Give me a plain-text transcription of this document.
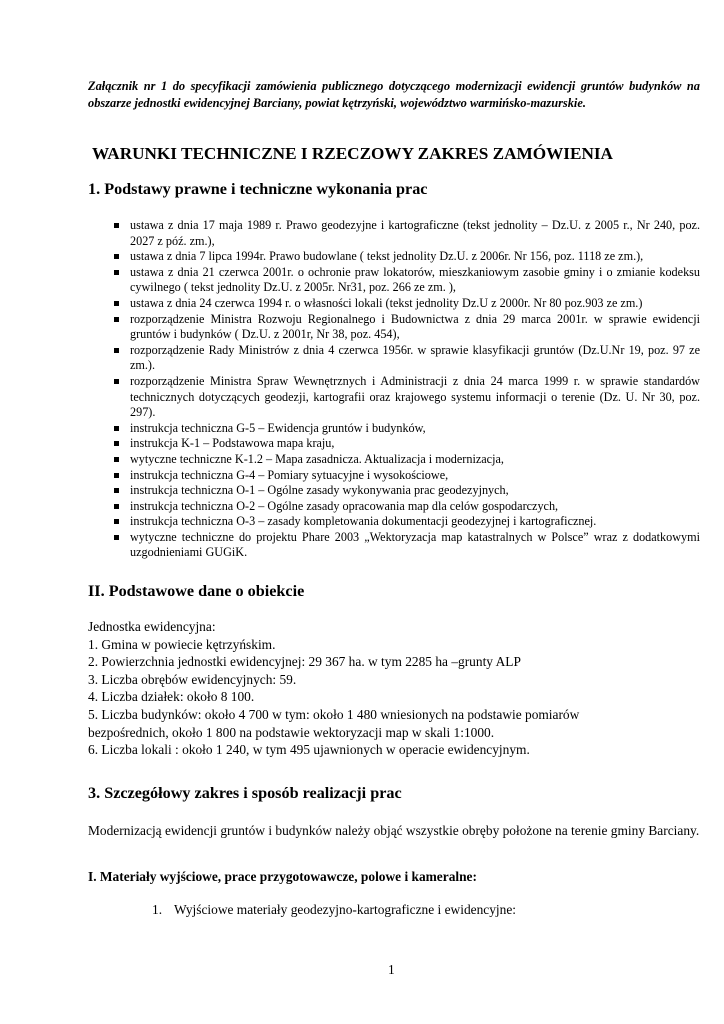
Załącznik nr 1 do specyfikacji zamówienia publicznego dotyczącego modernizacji ewidencji gruntów budynków na obszarze jednostki ewidencyjnej Barciany, powiat kętrzyński, województwo warmińsko-mazurskie.
WARUNKI TECHNICZNE I RZECZOWY ZAKRES ZAMÓWIENIA
1. Podstawy prawne i techniczne wykonania prac
ustawa z dnia 17 maja 1989 r. Prawo geodezyjne i kartograficzne (tekst jednolity – Dz.U. z 2005 r., Nr 240, poz. 2027 z póź. zm.),
ustawa z dnia 7 lipca 1994r. Prawo budowlane ( tekst jednolity Dz.U. z 2006r. Nr 156, poz. 1118 ze zm.),
ustawa z dnia 21 czerwca 2001r. o ochronie praw lokatorów, mieszkaniowym zasobie gminy i o zmianie kodeksu cywilnego ( tekst jednolity Dz.U. z 2005r. Nr31, poz. 266 ze zm. ),
ustawa z dnia 24 czerwca 1994 r. o własności lokali (tekst jednolity Dz.U z 2000r. Nr 80 poz.903 ze zm.)
rozporządzenie Ministra Rozwoju Regionalnego i Budownictwa z dnia 29 marca 2001r. w sprawie ewidencji gruntów i budynków ( Dz.U. z 2001r, Nr 38, poz. 454),
rozporządzenie Rady Ministrów z dnia 4 czerwca 1956r. w sprawie klasyfikacji gruntów (Dz.U.Nr 19, poz. 97 ze zm.).
rozporządzenie Ministra Spraw Wewnętrznych i Administracji z dnia 24 marca 1999 r. w sprawie standardów technicznych dotyczących geodezji, kartografii oraz krajowego systemu informacji o terenie (Dz. U. Nr 30, poz. 297).
instrukcja techniczna G-5 – Ewidencja gruntów i budynków,
instrukcja K-1 – Podstawowa mapa kraju,
wytyczne techniczne K-1.2 – Mapa zasadnicza. Aktualizacja i modernizacja,
instrukcja techniczna G-4 – Pomiary sytuacyjne i wysokościowe,
instrukcja techniczna O-1 – Ogólne zasady wykonywania prac geodezyjnych,
instrukcja techniczna O-2 – Ogólne zasady opracowania map dla celów gospodarczych,
instrukcja techniczna O-3 – zasady kompletowania dokumentacji geodezyjnej i kartograficznej.
wytyczne techniczne do projektu Phare 2003 „Wektoryzacja map katastralnych w Polsce” wraz z dodatkowymi uzgodnieniami GUGiK.
II. Podstawowe dane o obiekcie
Jednostka ewidencyjna:
1. Gmina w powiecie kętrzyńskim.
2. Powierzchnia jednostki ewidencyjnej: 29 367 ha. w tym 2285 ha –grunty ALP
3. Liczba obrębów ewidencyjnych: 59.
4. Liczba działek: około 8 100.
5. Liczba budynków: około 4 700 w tym: około 1 480 wniesionych na podstawie pomiarów
bezpośrednich, około 1 800 na podstawie wektoryzacji map w skali 1:1000.
6. Liczba lokali : około 1 240, w tym 495 ujawnionych w operacie ewidencyjnym.
3. Szczegółowy zakres i sposób realizacji prac
Modernizacją ewidencji gruntów i budynków należy objąć wszystkie obręby położone na terenie gminy Barciany.
I. Materiały wyjściowe, prace przygotowawcze, polowe i kameralne:
1. Wyjściowe materiały geodezyjno-kartograficzne i ewidencyjne:
1
